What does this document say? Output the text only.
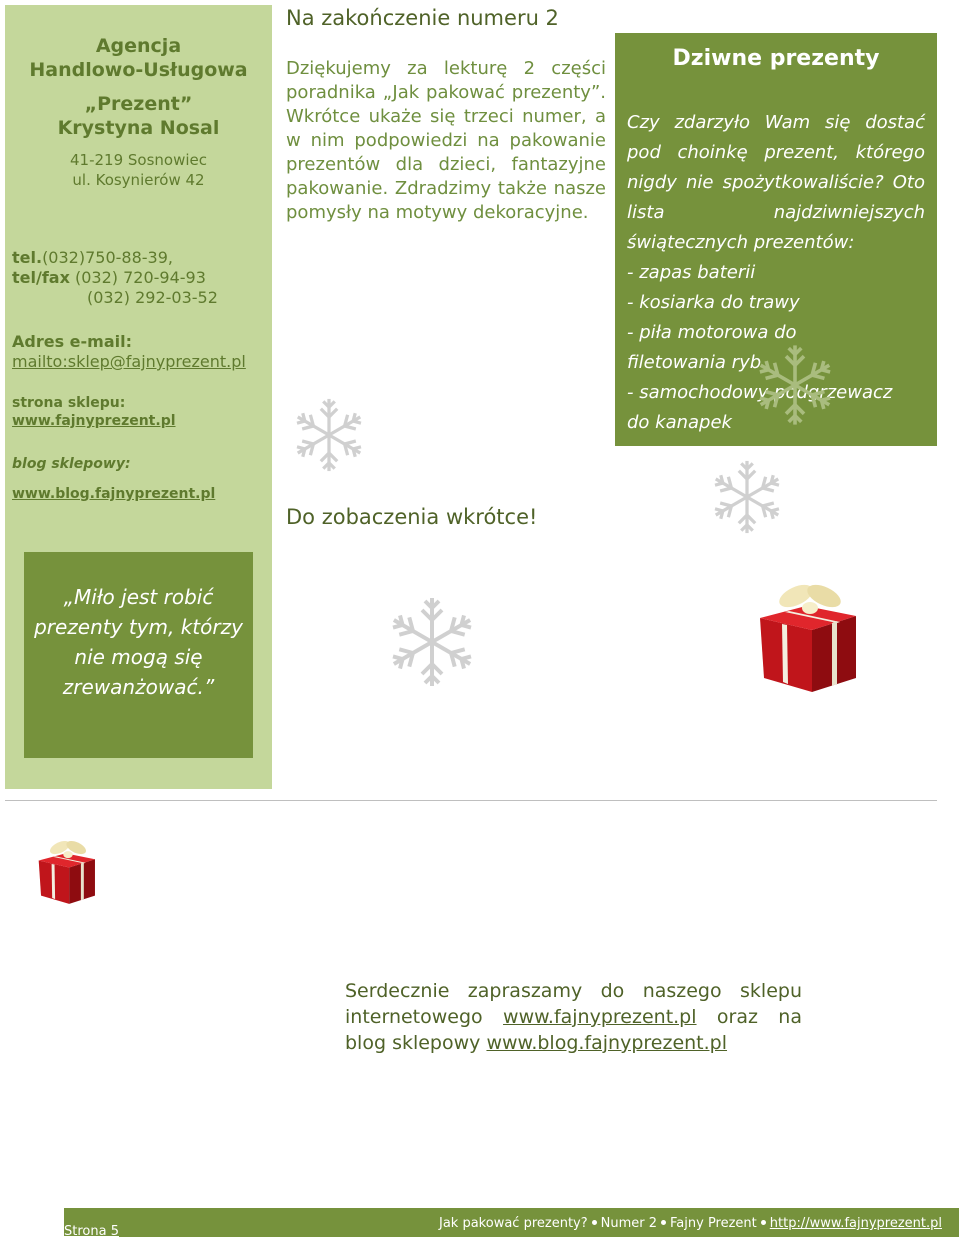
Agencja
Handlowo-Usługowa
„Prezent”
Krystyna Nosal
41-219 Sosnowiec
ul. Kosynierów 42
tel.(032)750-88-39,
tel/fax (032) 720-94-93
(032) 292-03-52
Adres e-mail:
mailto:sklep@fajnyprezent.pl
strona sklepu:
www.fajnyprezent.pl
blog sklepowy:
www.blog.fajnyprezent.pl
„Miło jest robić prezenty tym, którzy nie mogą się zrewanżować.”
Na zakończenie numeru 2
Dziękujemy za lekturę 2 części poradnika „Jak pakować prezenty”. Wkrótce ukaże się trzeci numer, a w nim podpowiedzi na pakowanie prezentów dla dzieci, fantazyjne pakowanie. Zdradzimy także nasze pomysły na motywy dekoracyjne.
Do zobaczenia wkrótce!
Dziwne prezenty

Czy zdarzyło Wam się dostać pod choinkę prezent, którego nigdy nie spożytkowaliście? Oto lista najdziwniejszych świątecznych prezentów:

- zapas baterii
- kosiarka do trawy
- piła motorowa do
filetowania ryb
- samochodowy podgrzewacz
do kanapek
Serdecznie zapraszamy do naszego sklepu internetowego www.fajnyprezent.pl oraz na blog sklepowy www.blog.fajnyprezent.pl
Strona 5
Jak pakować prezenty? Numer 2 Fajny Prezent http://www.fajnyprezent.pl
